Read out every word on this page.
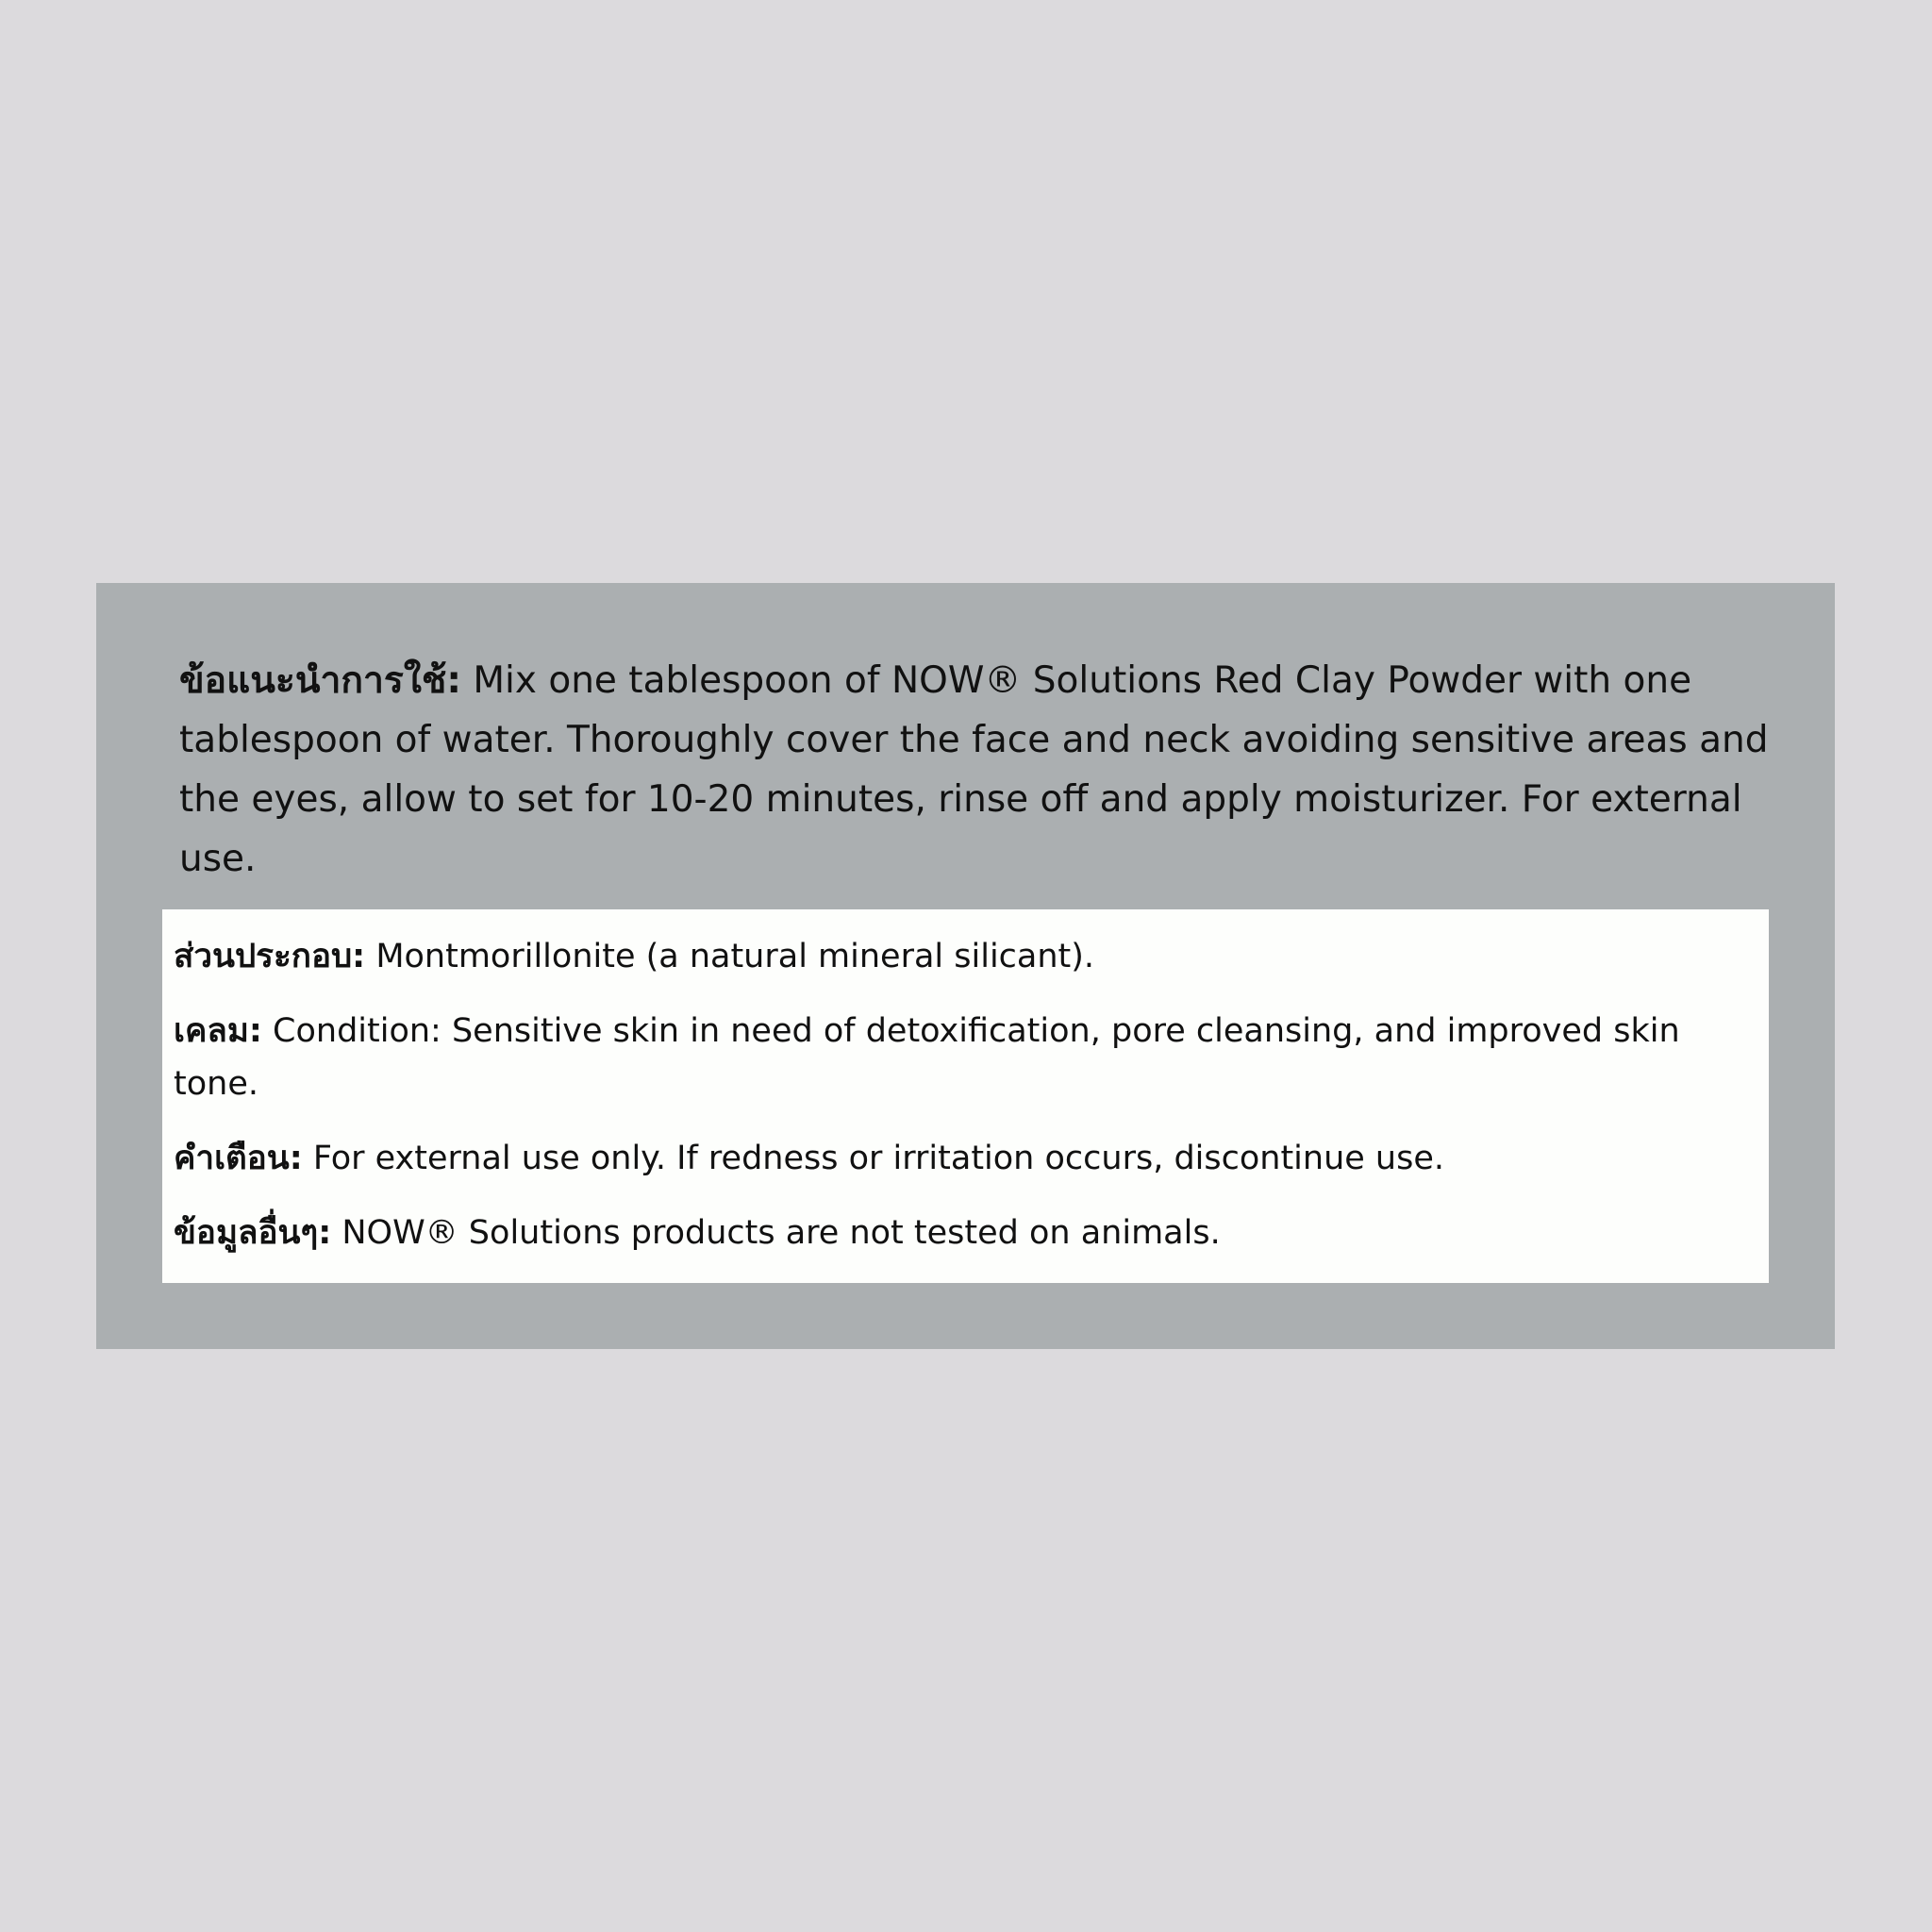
ข้อแนะนำการใช้: Mix one tablespoon of NOW® Solutions Red Clay Powder with one tablespoon of water. Thoroughly cover the face and neck avoiding sensitive areas and the eyes, allow to set for 10-20 minutes, rinse off and apply moisturizer. For external use.

ส่วนประกอบ: Montmorillonite (a natural mineral silicant).

เคลม: Condition: Sensitive skin in need of detoxification, pore cleansing, and improved skin tone.

คำเตือน: For external use only. If redness or irritation occurs, discontinue use.

ข้อมูลอื่นๆ: NOW® Solutions products are not tested on animals.
